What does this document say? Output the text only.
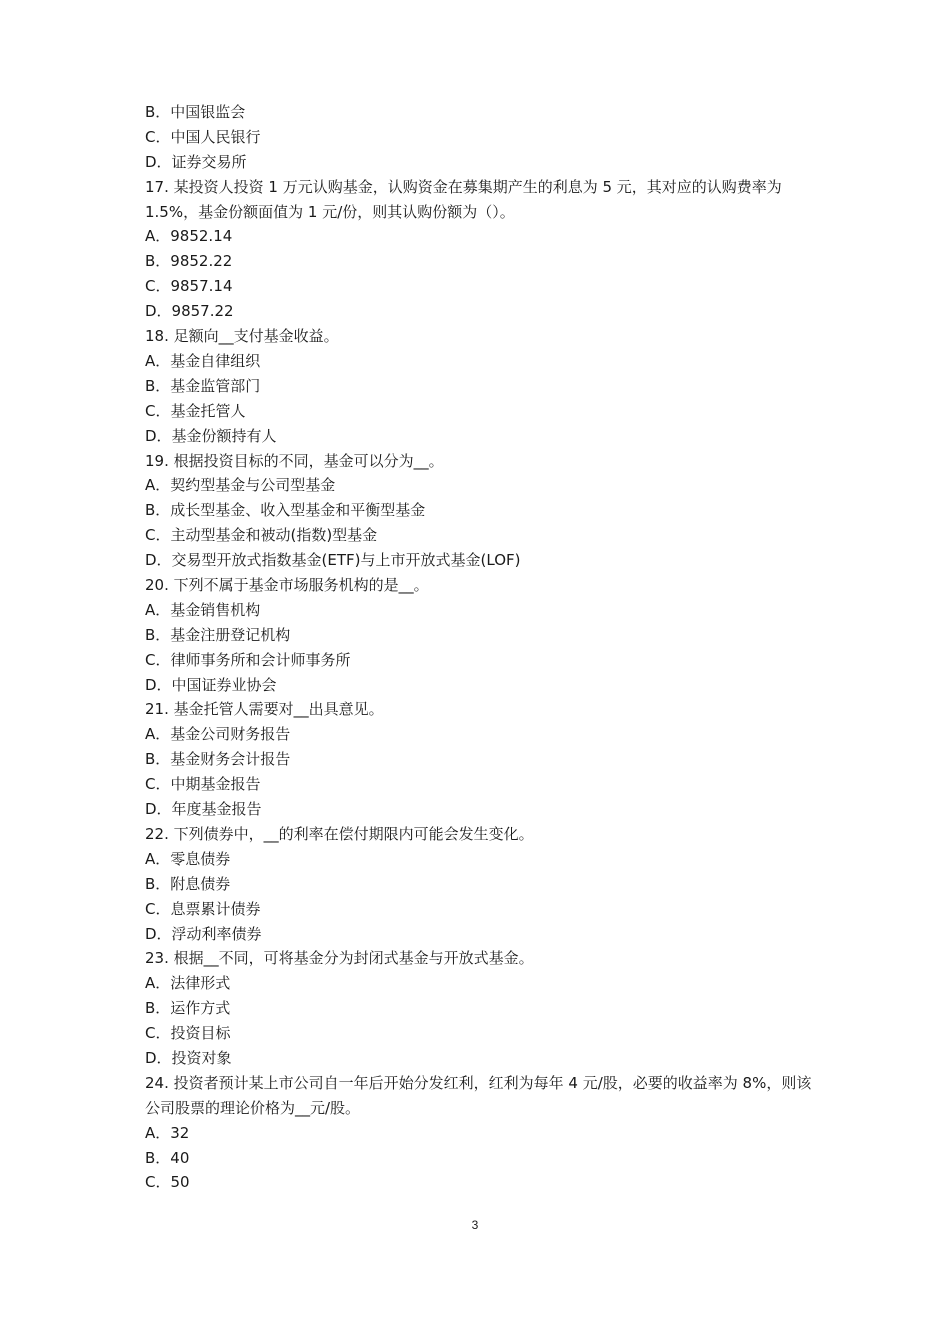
B．中国银监会
C．中国人民银行
D．证券交易所
17. 某投资人投资 1 万元认购基金，认购资金在募集期产生的利息为 5 元，其对应的认购费率为 1.5%，基金份额面值为 1 元/份，则其认购份额为（）。
A．9852.14
B．9852.22
C．9857.14
D．9857.22
18. 足额向__支付基金收益。
A．基金自律组织
B．基金监管部门
C．基金托管人
D．基金份额持有人
19. 根据投资目标的不同，基金可以分为__。
A．契约型基金与公司型基金
B．成长型基金、收入型基金和平衡型基金
C．主动型基金和被动(指数)型基金
D．交易型开放式指数基金(ETF)与上市开放式基金(LOF)
20. 下列不属于基金市场服务机构的是__。
A．基金销售机构
B．基金注册登记机构
C．律师事务所和会计师事务所
D．中国证券业协会
21. 基金托管人需要对__出具意见。
A．基金公司财务报告
B．基金财务会计报告
C．中期基金报告
D．年度基金报告
22. 下列债券中，__的利率在偿付期限内可能会发生变化。
A．零息债券
B．附息债券
C．息票累计债券
D．浮动利率债券
23. 根据__不同，可将基金分为封闭式基金与开放式基金。
A．法律形式
B．运作方式
C．投资目标
D．投资对象
24. 投资者预计某上市公司自一年后开始分发红利，红利为每年 4 元/股，必要的收益率为 8%，则该公司股票的理论价格为__元/股。
A．32
B．40
C．50
3
